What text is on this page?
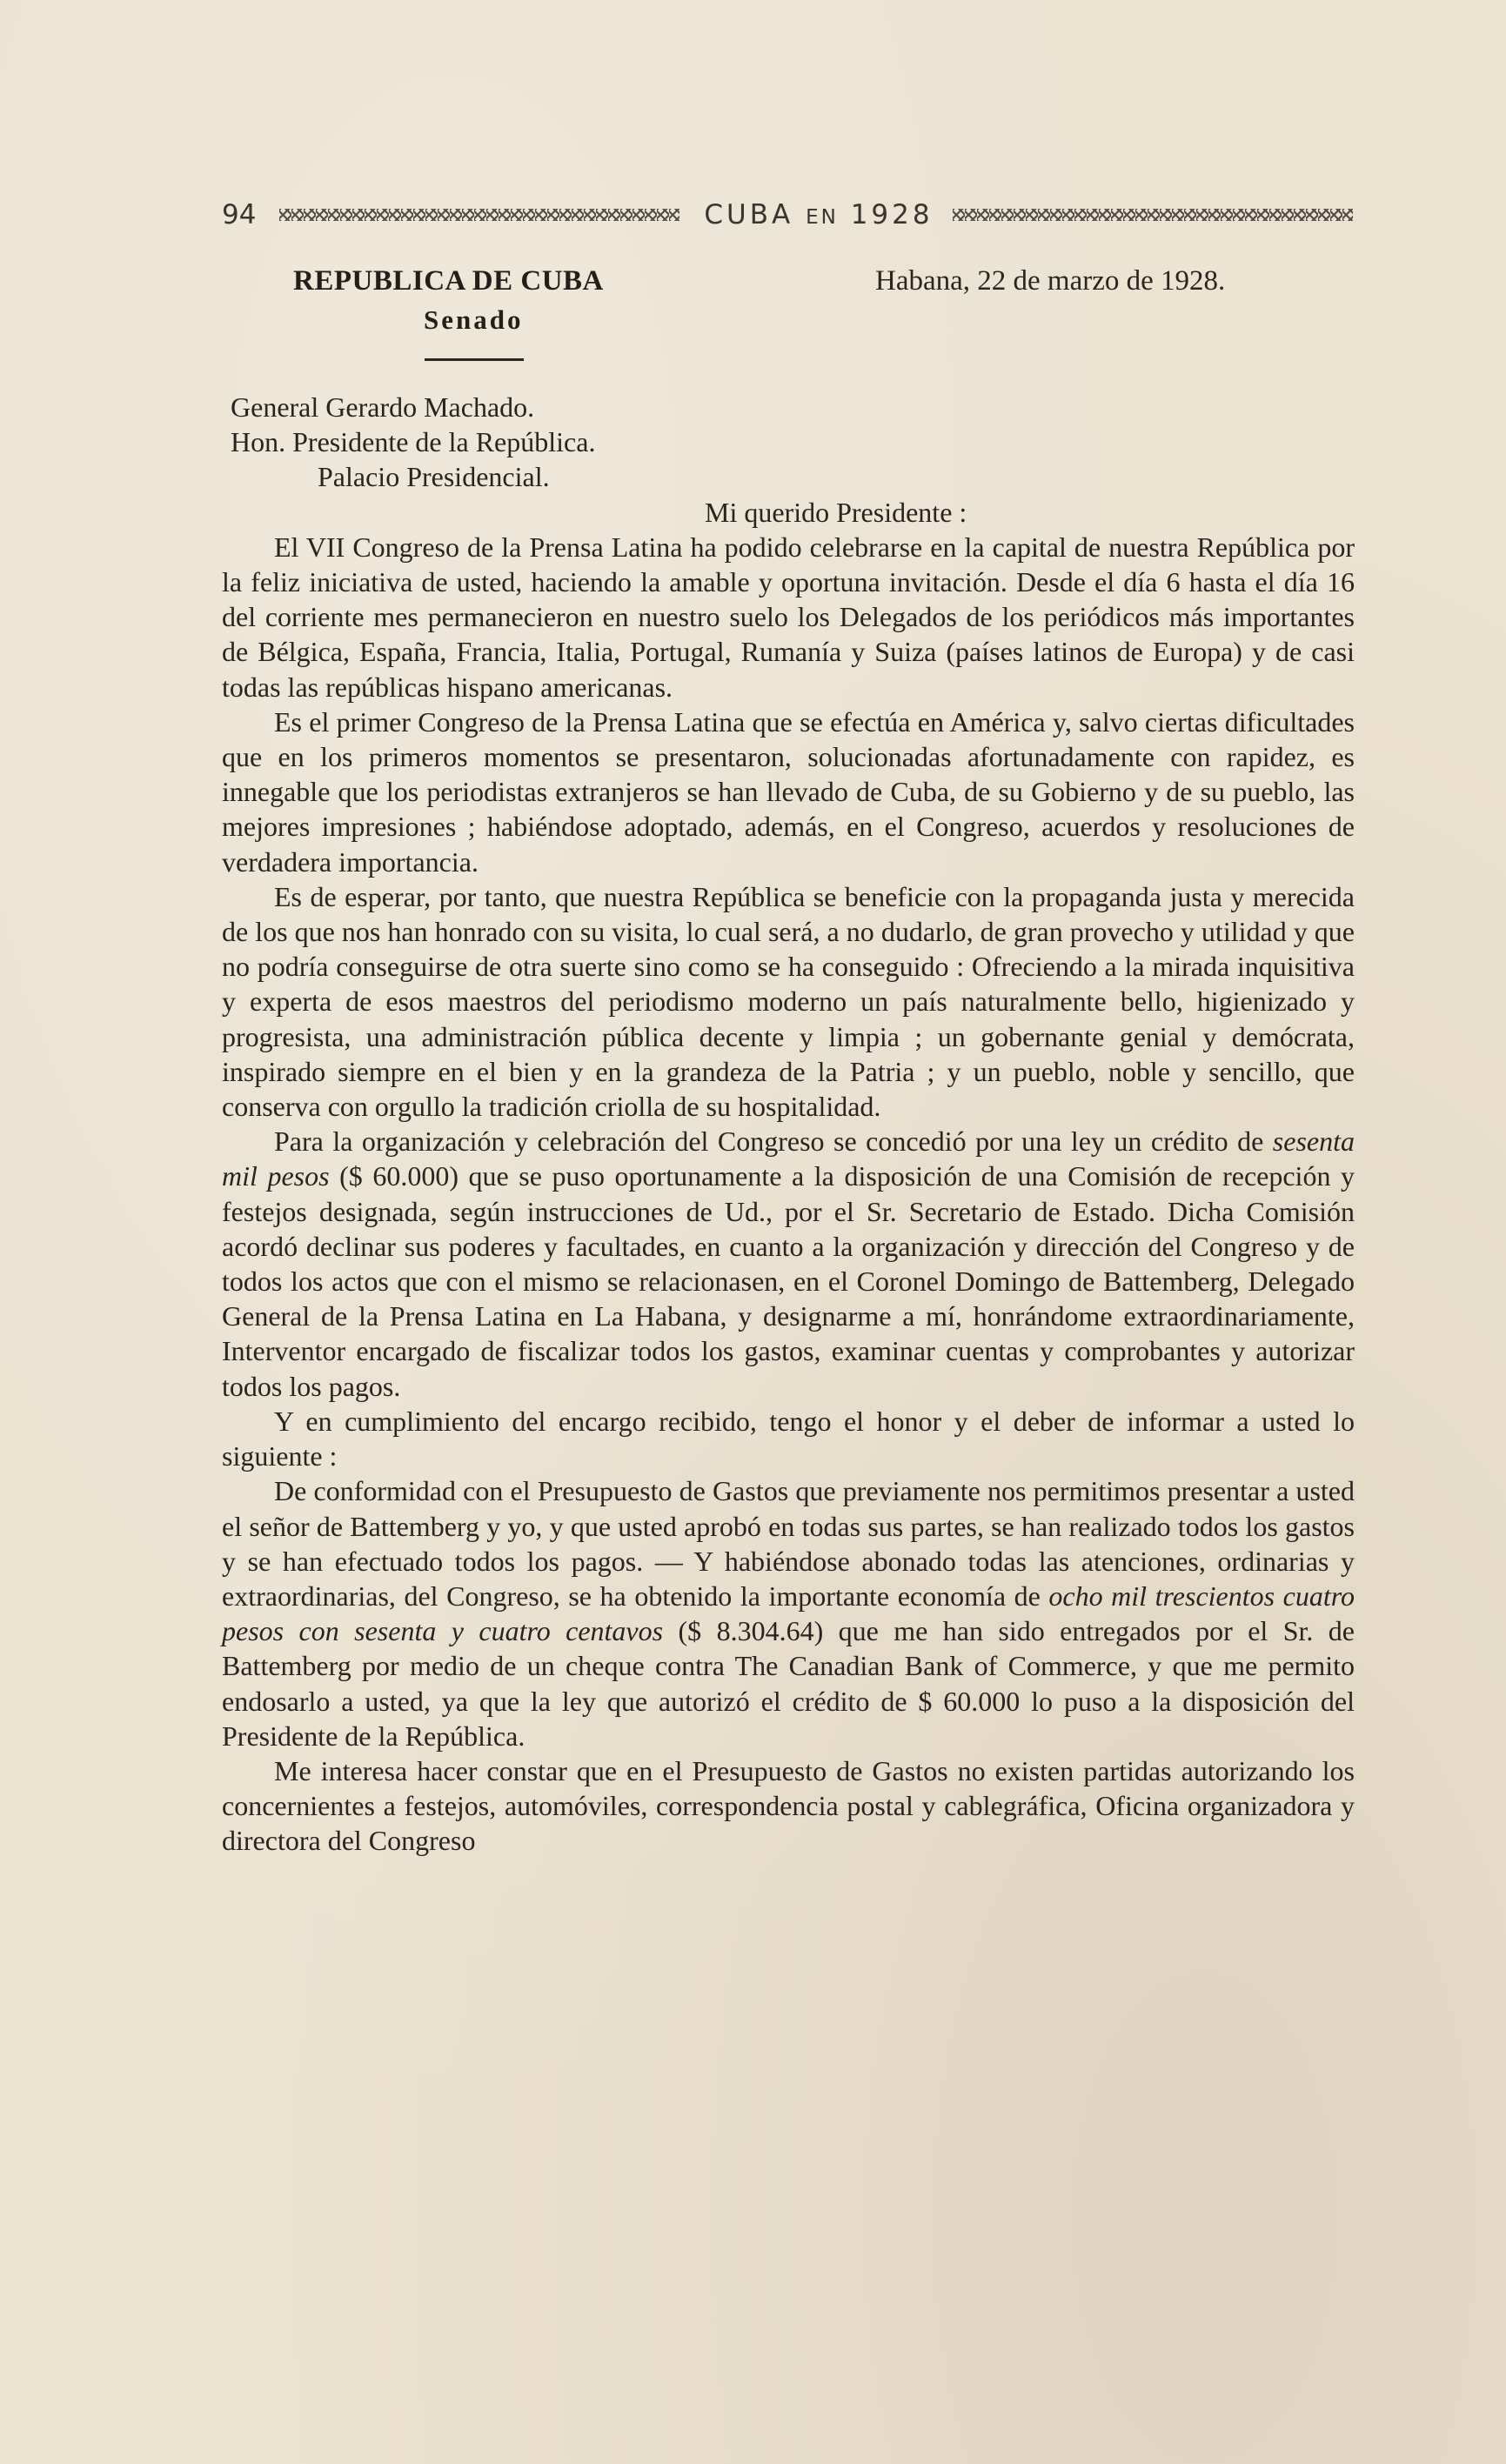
94	CUBA EN 1928
REPUBLICA DE CUBA
Senado
Habana, 22 de marzo de 1928.

General Gerardo Machado.

Hon. Presidente de la República.

Palacio Presidencial.

Mi querido Presidente :

El VII Congreso de la Prensa Latina ha podido celebrarse en la capital de nuestra República por la feliz iniciativa de usted, haciendo la amable y oportuna invitación. Desde el día 6 hasta el día 16 del corriente mes permanecieron en nuestro suelo los Delegados de los periódicos más importantes de Bélgica, España, Francia, Italia, Portugal, Rumanía y Suiza (países latinos de Europa) y de casi todas las repúblicas hispano americanas.

Es el primer Congreso de la Prensa Latina que se efectúa en América y, salvo ciertas dificultades que en los primeros momentos se presentaron, solucionadas afortunadamente con rapidez, es innegable que los periodistas extranjeros se han llevado de Cuba, de su Gobierno y de su pueblo, las mejores impresiones ; habiéndose adoptado, además, en el Congreso, acuerdos y resoluciones de verdadera importancia.

Es de esperar, por tanto, que nuestra República se beneficie con la propaganda justa y merecida de los que nos han honrado con su visita, lo cual será, a no dudarlo, de gran provecho y utilidad y que no podría conseguirse de otra suerte sino como se ha conseguido : Ofreciendo a la mirada inquisitiva y experta de esos maestros del periodismo moderno un país naturalmente bello, higienizado y progresista, una administración pública decente y limpia ; un gobernante genial y demócrata, inspirado siempre en el bien y en la grandeza de la Patria ; y un pueblo, noble y sencillo, que conserva con orgullo la tradición criolla de su hospitalidad.

Para la organización y celebración del Congreso se concedió por una ley un crédito de sesenta mil pesos ($ 60.000) que se puso oportunamente a la disposición de una Comisión de recepción y festejos designada, según instrucciones de Ud., por el Sr. Secretario de Estado. Dicha Comisión acordó declinar sus poderes y facultades, en cuanto a la organización y dirección del Congreso y de todos los actos que con el mismo se relacionasen, en el Coronel Domingo de Battemberg, Delegado General de la Prensa Latina en La Habana, y designarme a mí, honrándome extraordinariamente, Interventor encargado de fiscalizar todos los gastos, examinar cuentas y comprobantes y autorizar todos los pagos.

Y en cumplimiento del encargo recibido, tengo el honor y el deber de informar a usted lo siguiente :

De conformidad con el Presupuesto de Gastos que previamente nos permitimos presentar a usted el señor de Battemberg y yo, y que usted aprobó en todas sus partes, se han realizado todos los gastos y se han efectuado todos los pagos. — Y habiéndose abonado todas las atenciones, ordinarias y extraordinarias, del Congreso, se ha obtenido la importante economía de ocho mil trescientos cuatro pesos con sesenta y cuatro centavos ($ 8.304.64) que me han sido entregados por el Sr. de Battemberg por medio de un cheque contra The Canadian Bank of Commerce, y que me permito endosarlo a usted, ya que la ley que autorizó el crédito de $ 60.000 lo puso a la disposición del Presidente de la República.

Me interesa hacer constar que en el Presupuesto de Gastos no existen partidas autorizando los concernientes a festejos, automóviles, correspondencia postal y cablegráfica, Oficina organizadora y directora del Congreso
